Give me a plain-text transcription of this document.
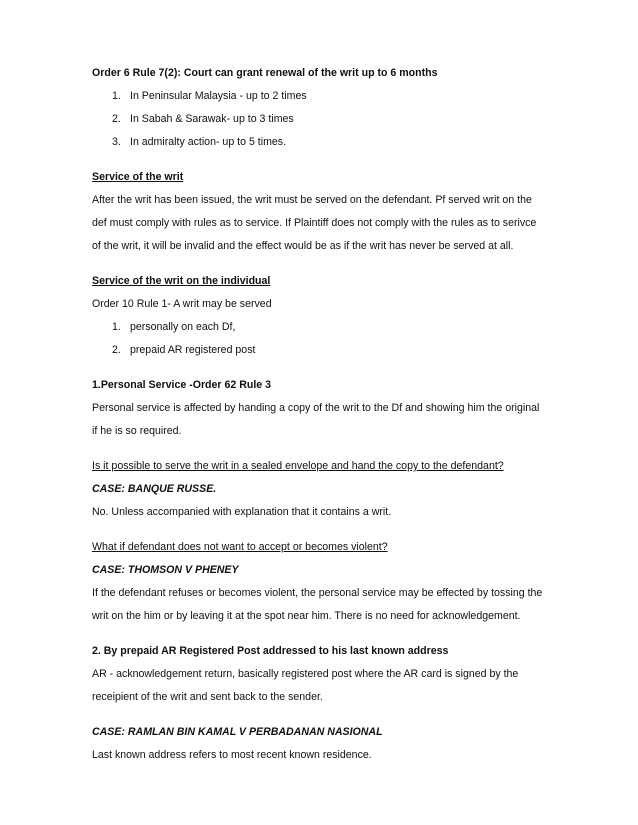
Order 6 Rule 7(2): Court can grant renewal of the writ up to 6 months

1. In Peninsular Malaysia - up to 2 times
2. In Sabah & Sarawak- up to 3 times
3. In admiralty action- up to 5 times.

Service of the writ

After the writ has been issued, the writ must be served on the defendant. Pf served writ on the

def must comply with rules as to service. If Plaintiff does not comply with the rules as to serivce

of the writ, it will be invalid and the effect would be as if the writ has never be served at all.

Service of the writ on the individual

Order 10 Rule 1- A writ may be served

1. personally on each Df,
2. prepaid AR registered post

1.Personal Service -Order 62 Rule 3

Personal service is affected by handing a copy of the writ to the Df and showing him the original

if he is so required.

Is it possible to serve the writ in a sealed envelope and hand the copy to the defendant?

CASE: BANQUE RUSSE.

No. Unless accompanied with explanation that it contains a writ.

What if defendant does not want to accept or becomes violent?

CASE: THOMSON V PHENEY

If the defendant refuses or becomes violent, the personal service may be effected by tossing the

writ on the him or by leaving it at the spot near him. There is no need for acknowledgement.

2. By prepaid AR Registered Post addressed to his last known address

AR - acknowledgement return, basically registered post where the AR card is signed by the

receipient of the writ and sent back to the sender.

CASE: RAMLAN BIN KAMAL V PERBADANAN NASIONAL

Last known address refers to most recent known residence.
